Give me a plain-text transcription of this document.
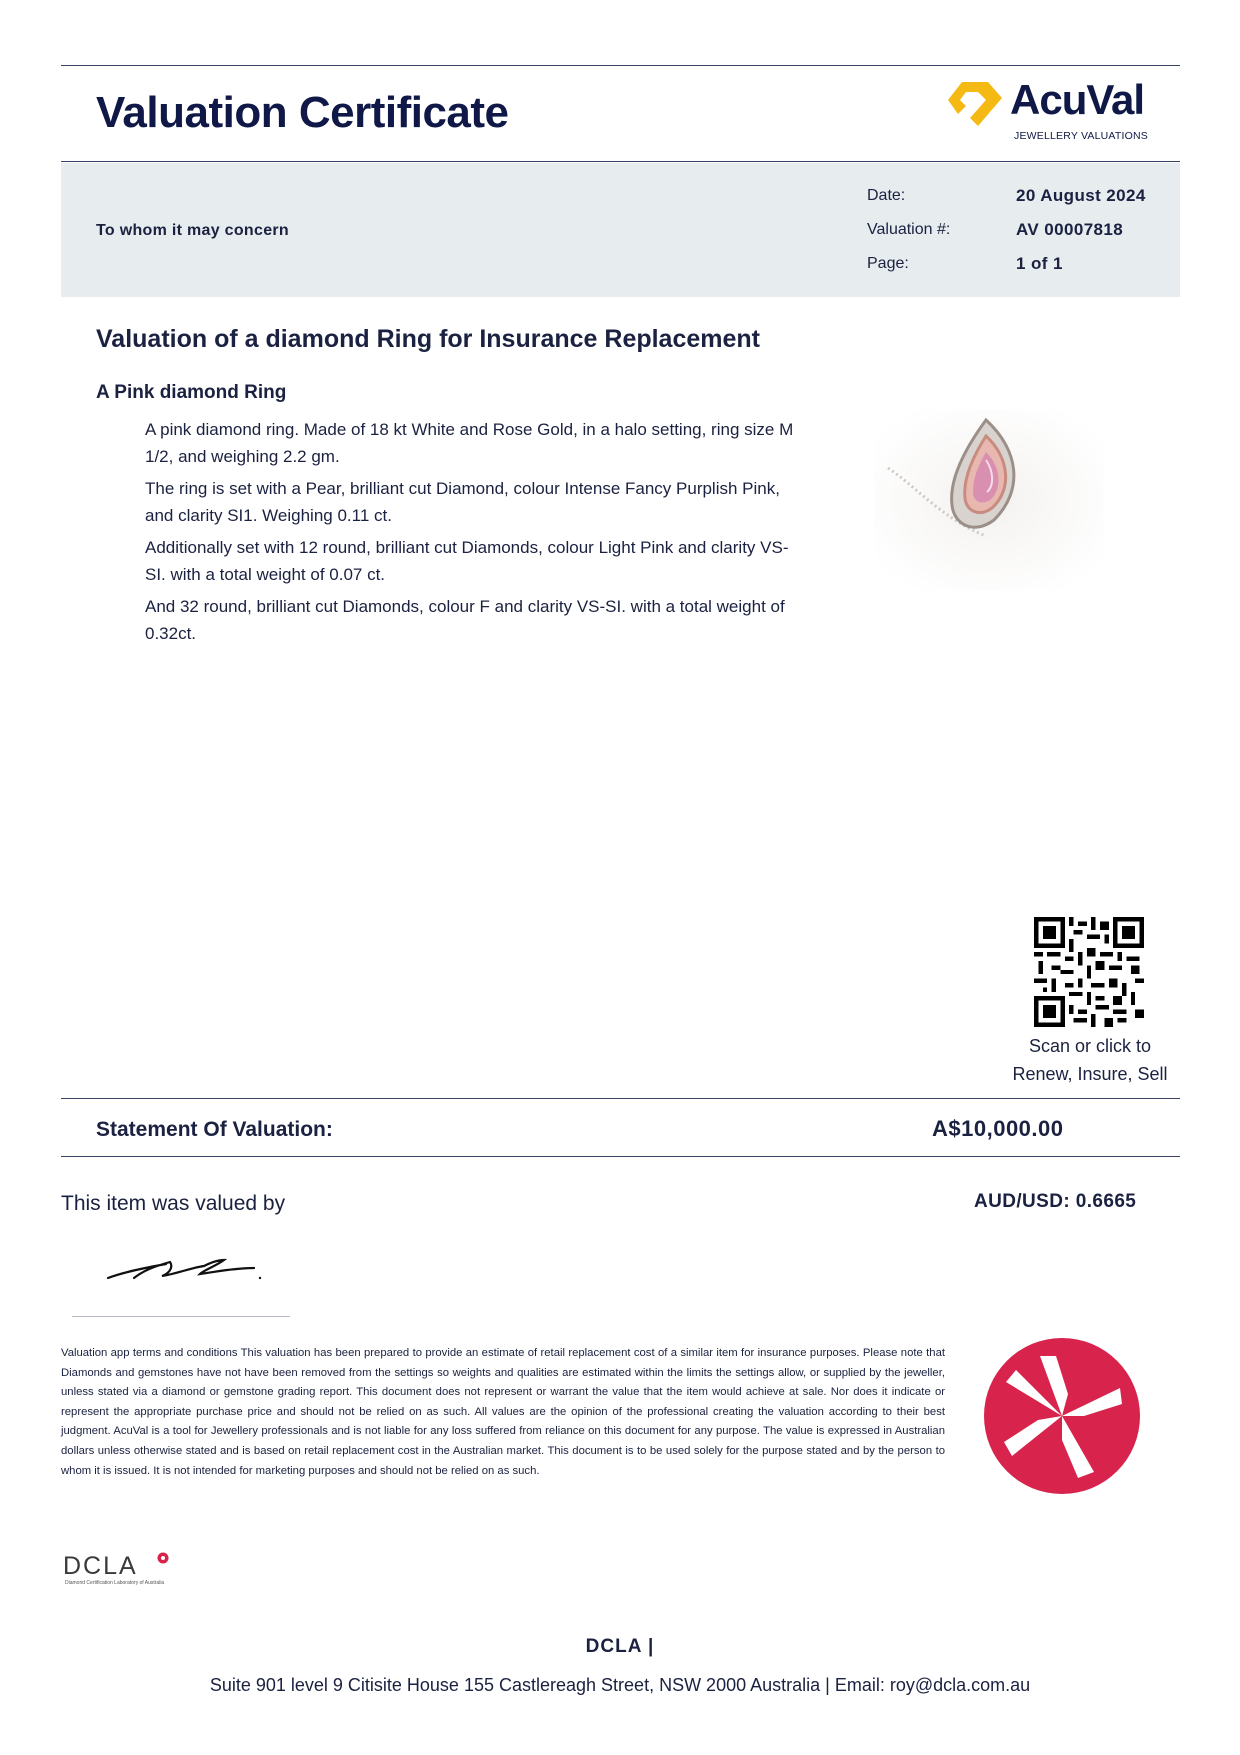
Valuation Certificate	AcuVal
JEWELLERY VALUATIONS
To whom it may concern
Date:	20 August 2024
Valuation #:	AV 00007818
Page:	1 of 1
Valuation of a diamond Ring for Insurance Replacement
A Pink diamond Ring

A pink diamond ring. Made of 18 kt White and Rose Gold, in a halo setting, ring size M 1/2, and weighing 2.2 gm.

The ring is set with a Pear, brilliant cut Diamond, colour Intense Fancy Purplish Pink, and clarity SI1. Weighing 0.11 ct.

Additionally set with 12 round, brilliant cut Diamonds, colour Light Pink and clarity VS-SI. with a total weight of 0.07 ct.

And 32 round, brilliant cut Diamonds, colour F and clarity VS-SI. with a total weight of 0.32ct.

Scan or click to
Renew, Insure, Sell
Statement Of Valuation:	A$10,000.00
This item was valued by	AUD/USD: 0.6665
Valuation app terms and conditions This valuation has been prepared to provide an estimate of retail replacement cost of a similar item for insurance purposes. Please note that Diamonds and gemstones have not have been removed from the settings so weights and qualities are estimated within the limits the settings allow, or supplied by the jeweller, unless stated via a diamond or gemstone grading report. This document does not represent or warrant the value that the item would achieve at sale. Nor does it indicate or represent the appropriate purchase price and should not be relied on as such. All values are the opinion of the professional creating the valuation according to their best judgment. AcuVal is a tool for Jewellery professionals and is not liable for any loss suffered from reliance on this document for any purpose. The value is expressed in Australian dollars unless otherwise stated and is based on retail replacement cost in the Australian market. This document is to be used solely for the purpose stated and by the person to whom it is issued. It is not intended for marketing purposes and should not be relied on as such.
DCLA
Diamond Certification Laboratory of Australia
DCLA |
Suite 901 level 9 Citisite House 155 Castlereagh Street, NSW 2000 Australia | Email: roy@dcla.com.au
